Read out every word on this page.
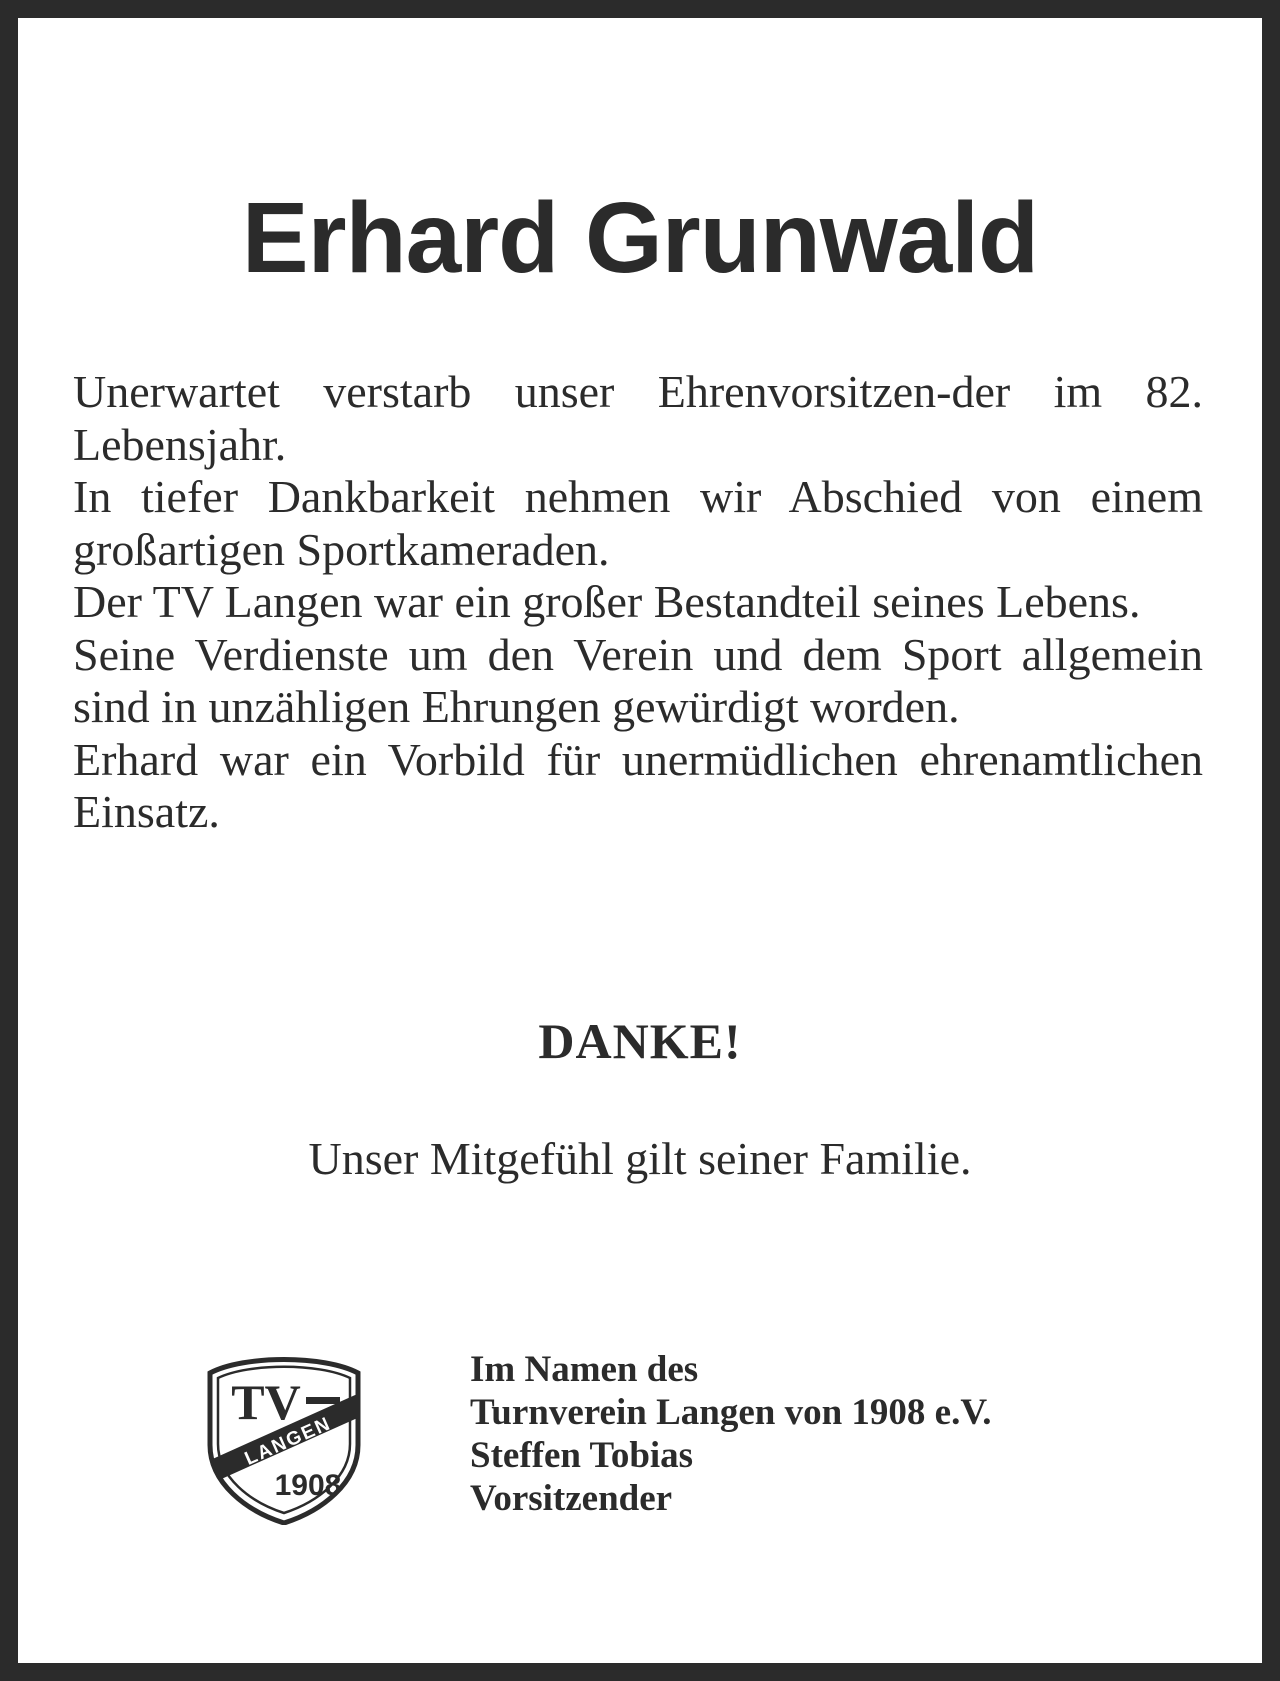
Erhard Grunwald

Unerwartet verstarb unser Ehrenvorsitzen-der im 82. Lebensjahr.

In tiefer Dankbarkeit nehmen wir Abschied von einem großartigen Sportkameraden.

Der TV Langen war ein großer Bestandteil seines Lebens.

Seine Verdienste um den Verein und dem Sport allgemein sind in unzähligen Ehrungen gewürdigt worden.

Erhard war ein Vorbild für unermüdlichen ehrenamtlichen Einsatz.

DANKE!
Unser Mitgefühl gilt seiner Familie.
TV
LANGEN
1908
Im Namen des
Turnverein Langen von 1908 e.V.
Steffen Tobias
Vorsitzender
